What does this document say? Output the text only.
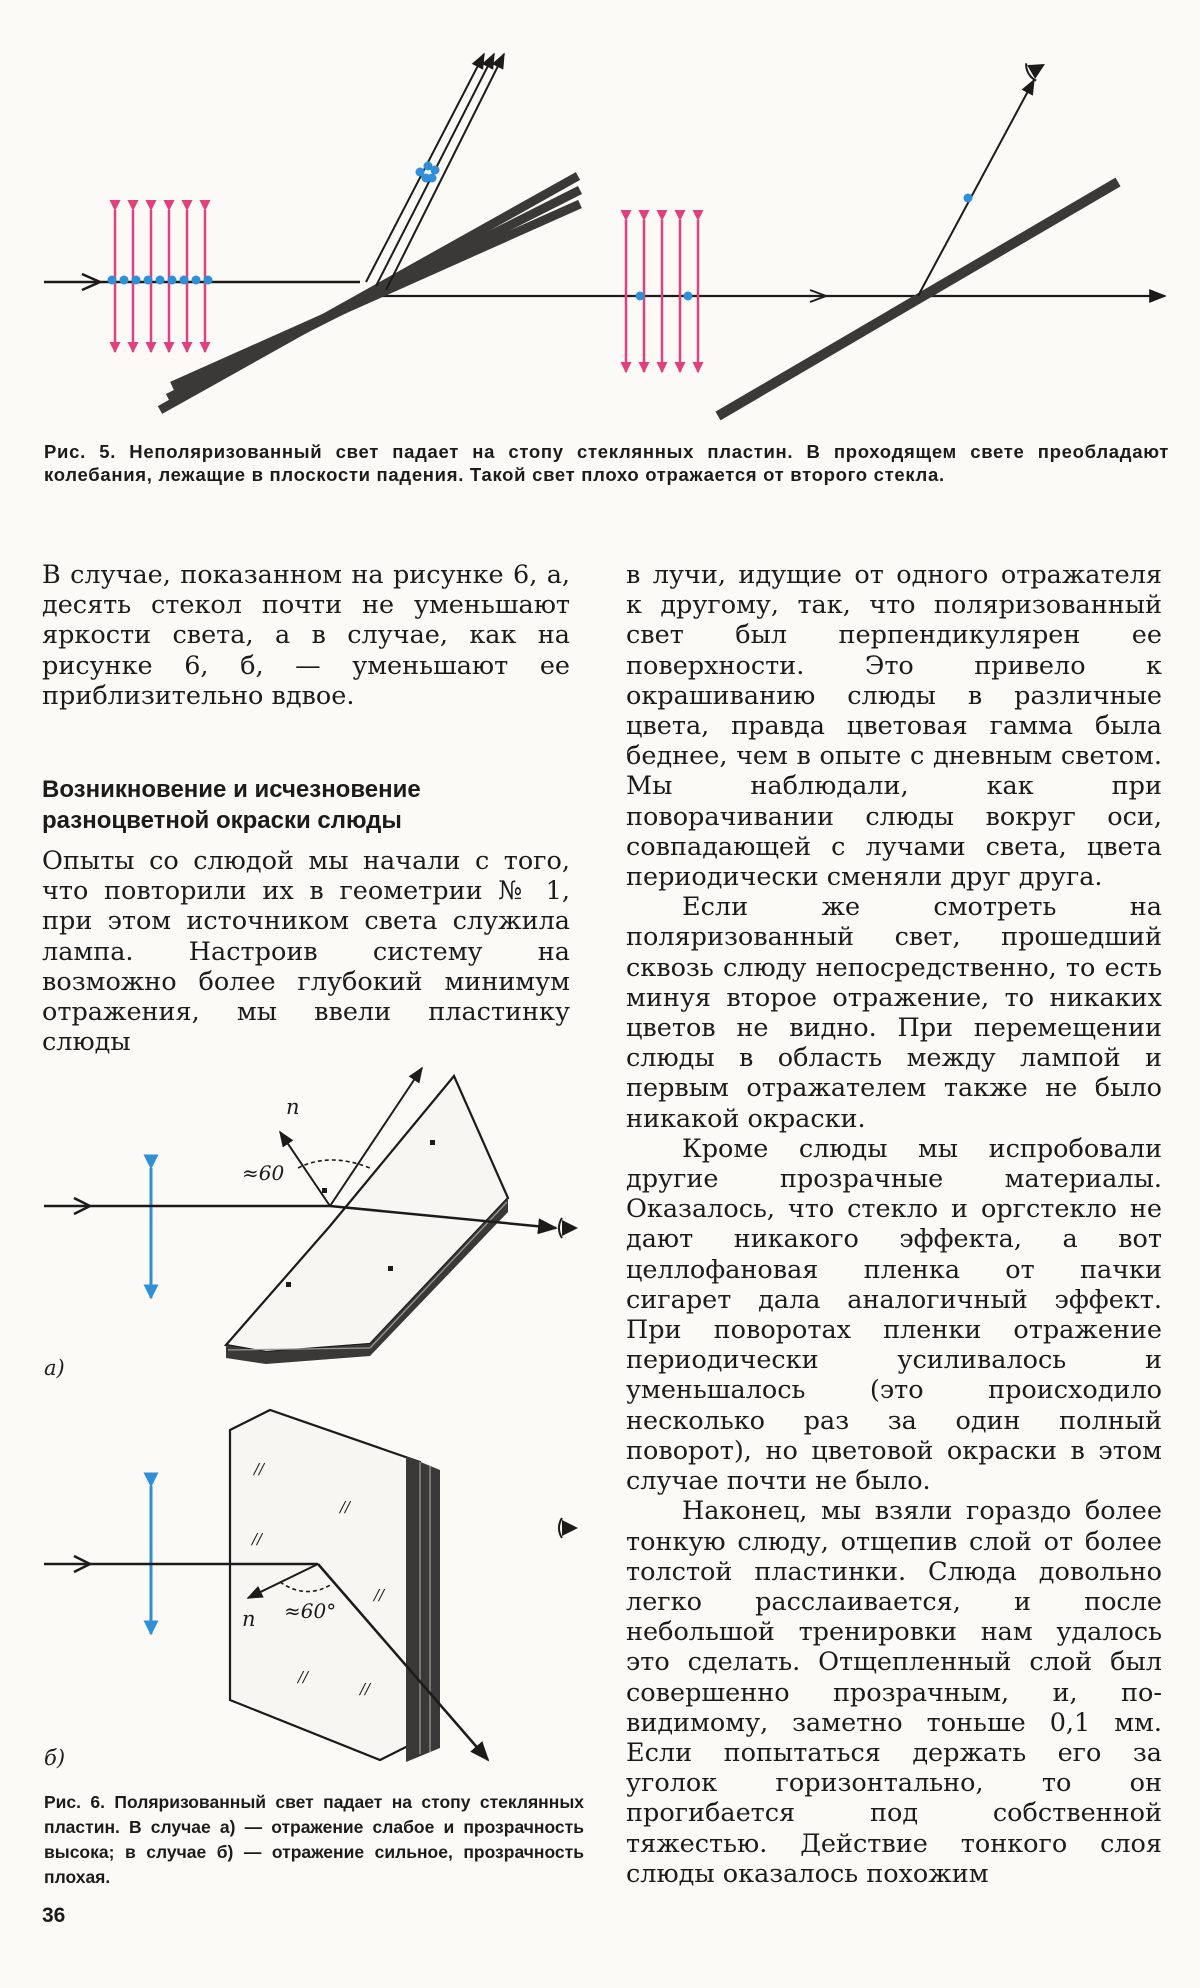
Рис. 5. Неполяризованный свет падает на стопу стеклянных пластин. В проходящем свете преобладают колебания, лежащие в плоскости падения. Такой свет плохо отражается от второго стекла.

В случае, показанном на рисунке 6, а, десять стекол почти не уменьшают яркости света, а в случае, как на рисунке 6, б, — уменьшают ее приблизительно вдвое.

Возникновение и исчезновение разноцветной окраски слюды

Опыты со слюдой мы начали с того, что повторили их в геометрии № 1, при этом источником света служила лампа. Настроив систему на возможно более глубокий минимум отражения, мы ввели пластинку слюды

n
≈60
а)
n ≈60°
//
//
//
//
//
//
б)

Рис. 6. Поляризованный свет падает на стопу стеклянных пластин. В случае а) — отражение слабое и прозрачность высока; в случае б) — отражение сильное, прозрачность плохая.

в лучи, идущие от одного отражателя к другому, так, что поляризованный свет был перпендикулярен ее поверхности. Это привело к окрашиванию слюды в различные цвета, правда цветовая гамма была беднее, чем в опыте с дневным светом. Мы наблюдали, как при поворачивании слюды вокруг оси, совпадающей с лучами света, цвета периодически сменяли друг друга.

Если же смотреть на поляризованный свет, прошедший сквозь слюду непосредственно, то есть минуя второе отражение, то никаких цветов не видно. При перемещении слюды в область между лампой и первым отражателем также не было никакой окраски.

Кроме слюды мы испробовали другие прозрачные материалы. Оказалось, что стекло и оргстекло не дают никакого эффекта, а вот целлофановая пленка от пачки сигарет дала аналогичный эффект. При поворотах пленки отражение периодически усиливалось и уменьшалось (это происходило несколько раз за один полный поворот), но цветовой окраски в этом случае почти не было.

Наконец, мы взяли гораздо более тонкую слюду, отщепив слой от более толстой пластинки. Слюда довольно легко расслаивается, и после небольшой тренировки нам удалось это сделать. Отщепленный слой был совершенно прозрачным, и, по-видимому, заметно тоньше 0,1 мм. Если попытаться держать его за уголок горизонтально, то он прогибается под собственной тяжестью. Действие тонкого слоя слюды оказалось похожим

36
